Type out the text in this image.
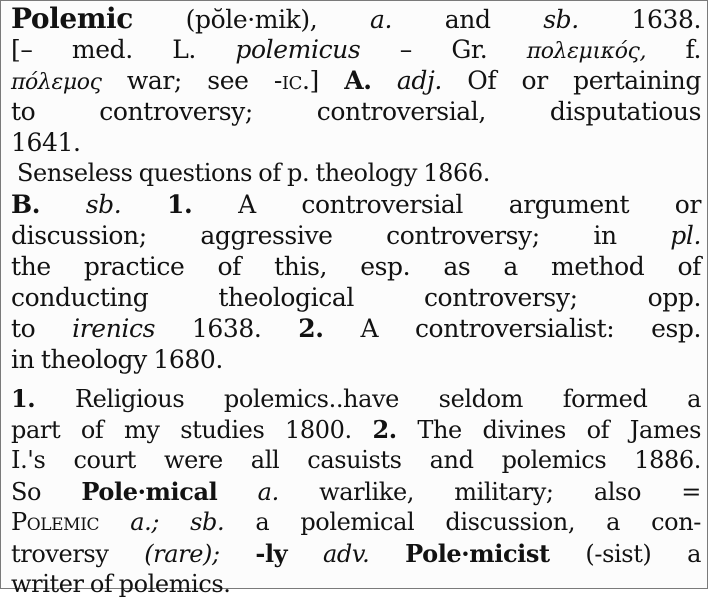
Polemic (pŏle·mik), a. and sb. 1638.
[– med. L. polemicus – Gr. πολεμικός, f.
πόλεμος war; see -ic.] A. adj. Of or pertaining
to controversy; controversial, disputatious
1641.
Senseless questions of p. theology 1866.
B. sb. 1. A controversial argument or
discussion; aggressive controversy; in pl.
the practice of this, esp. as a method of
conducting theological controversy; opp.
to irenics 1638. 2. A controversialist: esp.
in theology 1680.
1. Religious polemics..have seldom formed a
part of my studies 1800. 2. The divines of James
I.'s court were all casuists and polemics 1886.
So Pole·mical a. warlike, military; also =
Polemic a.; sb. a polemical discussion, a con-
troversy (rare); -ly adv. Pole·micist (-sist) a
writer of polemics.
